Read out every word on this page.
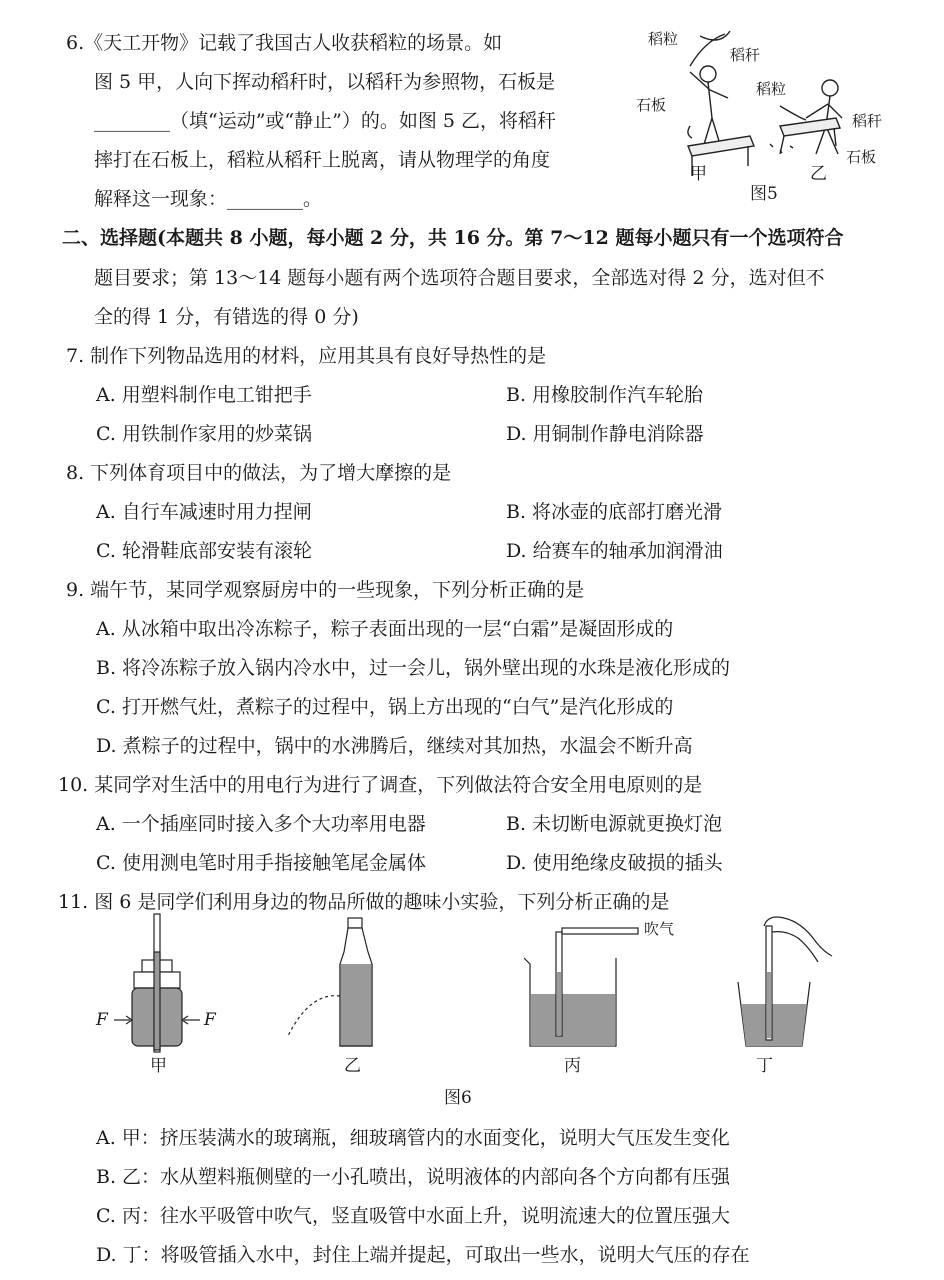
6.《天工开物》记载了我国古人收获稻粒的场景。如
图 5 甲，人向下挥动稻秆时，以稻秆为参照物，石板是
________（填“运动”或“静止”）的。如图 5 乙，将稻秆
摔打在石板上，稻粒从稻秆上脱离，请从物理学的角度
解释这一现象：________。
稻粒
稻秆
石板
稻粒
稻秆
石板
甲
图5
乙
二、选择题(本题共 8 小题，每小题 2 分，共 16 分。第 7～12 题每小题只有一个选项符合
题目要求；第 13～14 题每小题有两个选项符合题目要求，全部选对得 2 分，选对但不
全的得 1 分，有错选的得 0 分)
7. 制作下列物品选用的材料，应用其具有良好导热性的是
A. 用塑料制作电工钳把手	B. 用橡胶制作汽车轮胎
C. 用铁制作家用的炒菜锅	D. 用铜制作静电消除器
8. 下列体育项目中的做法，为了增大摩擦的是
A. 自行车减速时用力捏闸	B. 将冰壶的底部打磨光滑
C. 轮滑鞋底部安装有滚轮	D. 给赛车的轴承加润滑油
9. 端午节，某同学观察厨房中的一些现象，下列分析正确的是
A. 从冰箱中取出冷冻粽子，粽子表面出现的一层“白霜”是凝固形成的
B. 将冷冻粽子放入锅内冷水中，过一会儿，锅外壁出现的水珠是液化形成的
C. 打开燃气灶，煮粽子的过程中，锅上方出现的“白气”是汽化形成的
D. 煮粽子的过程中，锅中的水沸腾后，继续对其加热，水温会不断升高
10. 某同学对生活中的用电行为进行了调查，下列做法符合安全用电原则的是
A. 一个插座同时接入多个大功率用电器	B. 未切断电源就更换灯泡
C. 使用测电笔时用手指接触笔尾金属体	D. 使用绝缘皮破损的插头
11. 图 6 是同学们利用身边的物品所做的趣味小实验，下列分析正确的是
F	F
甲	乙
吹气
丙	丁
图6
A. 甲：挤压装满水的玻璃瓶，细玻璃管内的水面变化，说明大气压发生变化
B. 乙：水从塑料瓶侧壁的一小孔喷出，说明液体的内部向各个方向都有压强
C. 丙：往水平吸管中吹气，竖直吸管中水面上升，说明流速大的位置压强大
D. 丁：将吸管插入水中，封住上端并提起，可取出一些水，说明大气压的存在
